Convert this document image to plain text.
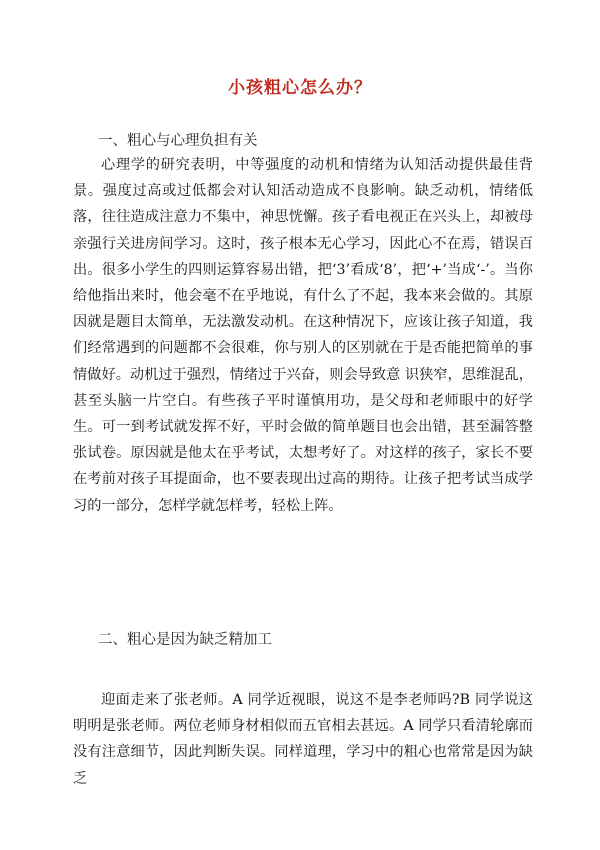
小孩粗心怎么办？
一、粗心与心理负担有关

心理学的研究表明，中等强度的动机和情绪为认知活动提供最佳背景。强度过高或过低都会对认知活动造成不良影响。缺乏动机，情绪低落，往往造成注意力不集中，神思恍懈。孩子看电视正在兴头上，却被母亲强行关进房间学习。这时，孩子根本无心学习，因此心不在焉，错误百出。很多小学生的四则运算容易出错，把‘3’看成‘8’，把‘+’当成‘-’。当你给他指出来时，他会毫不在乎地说，有什么了不起，我本来会做的。其原因就是题目太简单，无法激发动机。在这种情况下，应该让孩子知道，我们经常遇到的问题都不会很难，你与别人的区别就在于是否能把简单的事情做好。动机过于强烈，情绪过于兴奋，则会导致意 识狭窄，思维混乱，甚至头脑一片空白。有些孩子平时谨慎用功，是父母和老师眼中的好学生。可一到考试就发挥不好，平时会做的简单题目也会出错，甚至漏答整张试卷。原因就是他太在乎考试，太想考好了。对这样的孩子，家长不要在考前对孩子耳提面命，也不要表现出过高的期待。让孩子把考试当成学习的一部分，怎样学就怎样考，轻松上阵。

二、粗心是因为缺乏精加工

迎面走来了张老师。A 同学近视眼，说这不是李老师吗?B 同学说这明明是张老师。两位老师身材相似而五官相去甚远。A 同学只看清轮廓而没有注意细节，因此判断失误。同样道理，学习中的粗心也常常是因为缺乏
